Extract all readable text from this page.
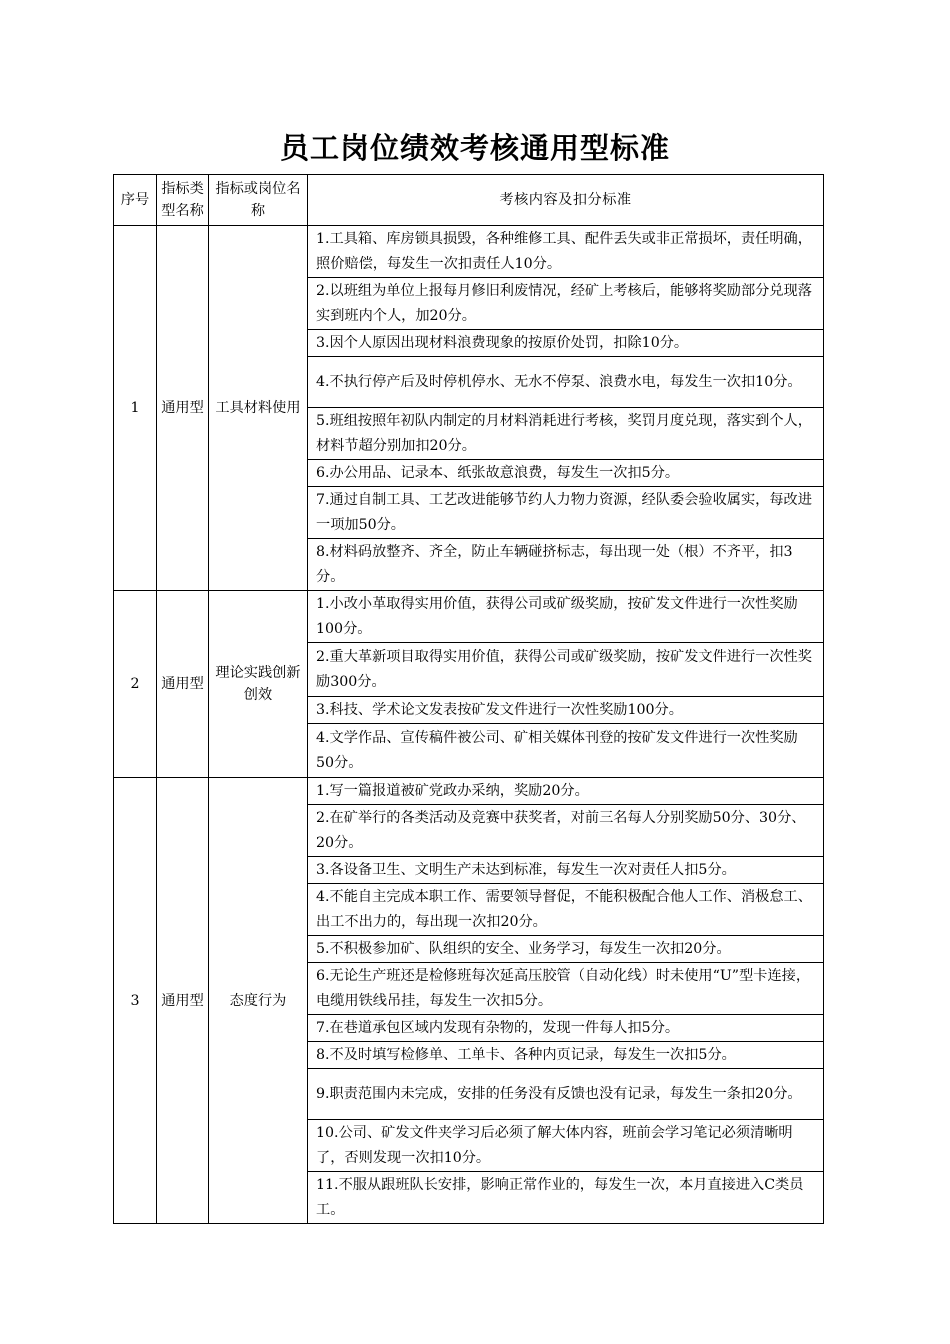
员工岗位绩效考核通用型标准
序号	指标类型名称	指标或岗位名称	考核内容及扣分标准
1	通用型	工具材料使用	1.工具箱、库房锁具损毁，各种维修工具、配件丢失或非正常损坏，责任明确，照价赔偿，每发生一次扣责任人10分。
			2.以班组为单位上报每月修旧利废情况，经矿上考核后，能够将奖励部分兑现落实到班内个人，加20分。
			3.因个人原因出现材料浪费现象的按原价处罚，扣除10分。
			4.不执行停产后及时停机停水、无水不停泵、浪费水电，每发生一次扣10分。
			5.班组按照年初队内制定的月材料消耗进行考核，奖罚月度兑现，落实到个人，材料节超分别加扣20分。
			6.办公用品、记录本、纸张故意浪费，每发生一次扣5分。
			7.通过自制工具、工艺改进能够节约人力物力资源，经队委会验收属实，每改进一项加50分。
			8.材料码放整齐、齐全，防止车辆碰挤标志，每出现一处（根）不齐平，扣3分。
2	通用型	理论实践创新创效	1.小改小革取得实用价值，获得公司或矿级奖励，按矿发文件进行一次性奖励100分。
			2.重大革新项目取得实用价值，获得公司或矿级奖励，按矿发文件进行一次性奖励300分。
			3.科技、学术论文发表按矿发文件进行一次性奖励100分。
			4.文学作品、宣传稿件被公司、矿相关媒体刊登的按矿发文件进行一次性奖励50分。
3	通用型	态度行为	1.写一篇报道被矿党政办采纳，奖励20分。
			2.在矿举行的各类活动及竞赛中获奖者，对前三名每人分别奖励50分、30分、20分。
			3.各设备卫生、文明生产未达到标准，每发生一次对责任人扣5分。
			4.不能自主完成本职工作、需要领导督促，不能积极配合他人工作、消极怠工、出工不出力的，每出现一次扣20分。
			5.不积极参加矿、队组织的安全、业务学习，每发生一次扣20分。
			6.无论生产班还是检修班每次延高压胶管（自动化线）时未使用“U”型卡连接，电缆用铁线吊挂，每发生一次扣5分。
			7.在巷道承包区域内发现有杂物的，发现一件每人扣5分。
			8.不及时填写检修单、工单卡、各种内页记录，每发生一次扣5分。
			9.职责范围内未完成，安排的任务没有反馈也没有记录，每发生一条扣20分。
			10.公司、矿发文件夹学习后必须了解大体内容，班前会学习笔记必须清晰明了，否则发现一次扣10分。
			11.不服从跟班队长安排，影响正常作业的，每发生一次，本月直接进入C类员工。
